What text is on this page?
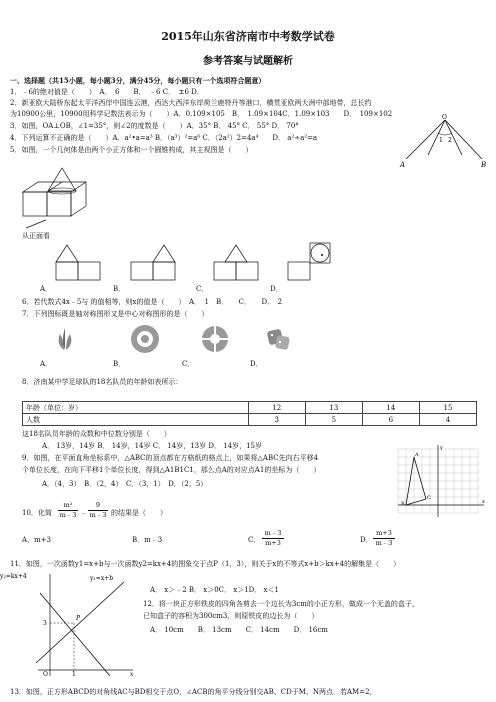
2015年山东省济南市中考数学试卷
参考答案与试题解析
一、选择题（共15小题，每小题3分，满分45分，每小题只有一个选项符合题意）
1．﹣6的绝对值是（　　）　A．　6　　B．　﹣6 C．　±6 D．
2．新亚欧大陆桥东起太平洋西岸中国连云港，西达大西洋东岸荷兰鹿特丹等港口，横贯亚欧两大洲中部地带，总长约
为10900公里，10900用科学记数法表示为（　　）A．0.109×105　B．　1.09×104C．1.09×103　　D．　109×102
3．如图，OA⊥OB，∠1=35°，则∠2的度数是（　　）A．35° B． 45° C． 55° D． 70°
4．下列运算不正确的是（　　）A．a²•a=a³ B．（a³）²=a⁶ C．（2a²）2=4a⁴　　D． a²÷a²=a
5．如图，一个几何体是由两个小正方体和一个圆锥构成，其主视图是（　　）
O
1 2
A	B
从正面看
A．	B．	C．	D．
6．若代数式4x﹣5与 的值相等，则x的值是（　　）　A．　1　B．　　C．　　D．　2
7．下列图标既是轴对称图形又是中心对称图形的是（　　）
A．	B．	C．	D．
8．济南某中学足球队的18名队员的年龄如表所示：
年龄（单位：岁）	12	13	14	15
人数	3	5	6	4
这18名队员年龄的众数和中位数分别是（　　）
A． 13岁，14岁 B． 14岁，14岁 C． 14岁，13岁 D． 14岁，15岁
9．如图，在平面直角坐标系中，△ABC的顶点都在方格纸的格点上，如果将△ABC先向右平移4
个单位长度，在向下平移1个单位长度，得到△A1B1C1，那么点A的对应点A1的坐标为（　　）
A．（4，3）　B．（2，4）　C．（3，1）　D．（2，5）
A
B
C
x
y
10．化简
m²
m﹣3 ﹣
9
m﹣3 的结果是（　　）
A．m+3	B．m﹣3	C．
m﹣3
m+3	D．
m+3
m﹣3
11．如图，一次函数y1=x+b与一次函数y2=kx+4的图象交于点P（1，3），则关于x的不等式x+b＞kx+4的解集是（　　）
y₂=kx+4	y₁=x+b
P
3
O	1	x
A． x＞﹣2 B． x＞0C． x＞1D． x＜1
12．将一块正方形铁皮的四角各剪去一个边长为3cm的小正方形，做成一个无盖的盒子，
已知盒子的容积为300cm3，则原铁皮的边长为（　　）
A． 10cm　　B． 13cm　　C． 14cm　　D． 16cm
13．如图，正方形ABCD的对角线AC与BD相交于点O，∠ACB的角平分线分别交AB、CD于M、N两点．若AM=2，
